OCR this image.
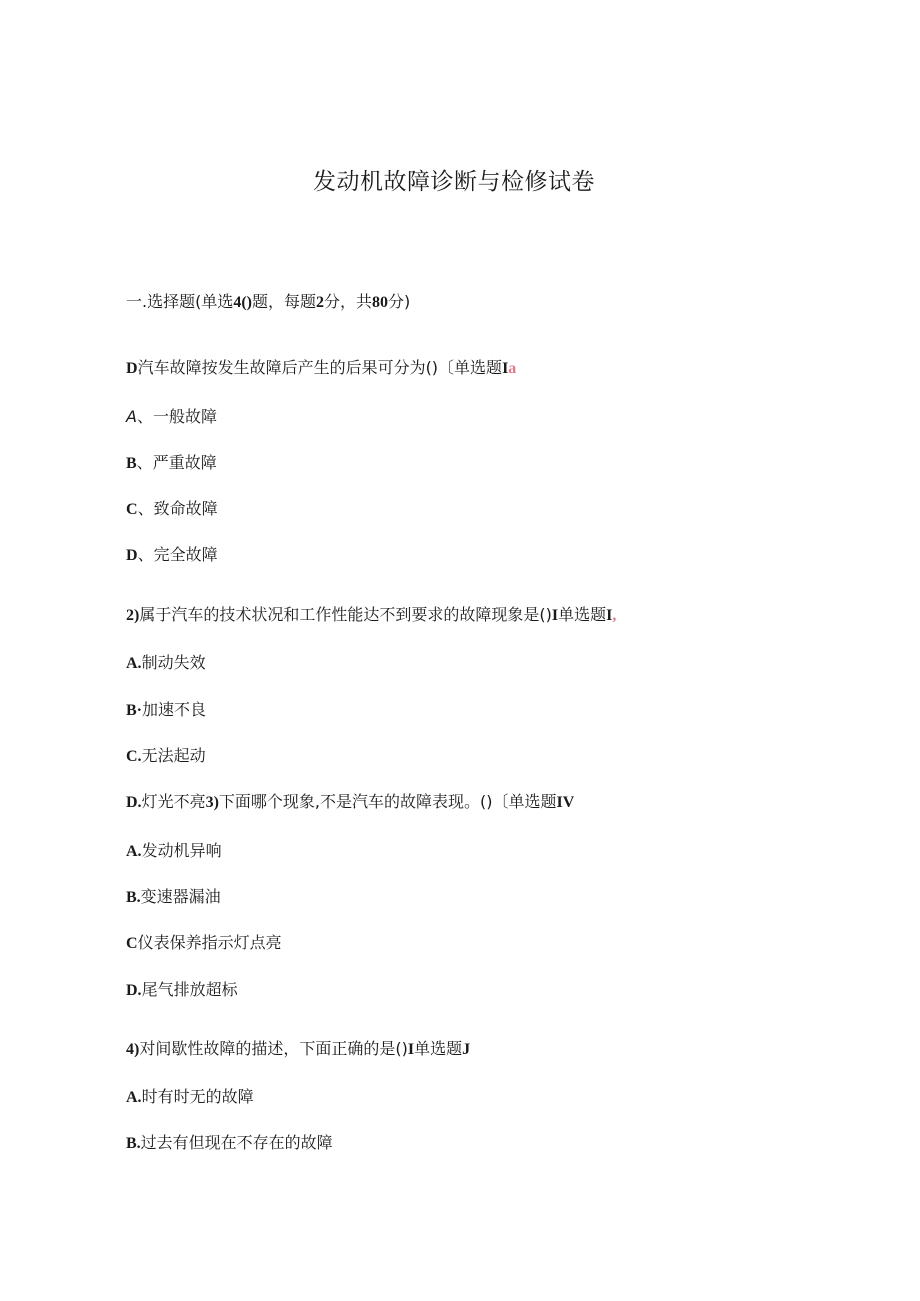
发动机故障诊断与检修试卷
一.选择题(单选4()题，每题2分，共80分)
D汽车故障按发生故障后产生的后果可分为()〔单选题Ia
A、一般故障
B、严重故障
C、致命故障
D、完全故障
2)属于汽车的技术状况和工作性能达不到要求的故障现象是()I单选题I,
A.制动失效
B·加速不良
C.无法起动
D.灯光不亮3)下面哪个现象,不是汽车的故障表现。()〔单选题IV
A.发动机异响
B.变速器漏油
C仪表保养指示灯点亮
D.尾气排放超标
4)对间歇性故障的描述，下面正确的是()I单选题J
A.时有时无的故障
B.过去有但现在不存在的故障
